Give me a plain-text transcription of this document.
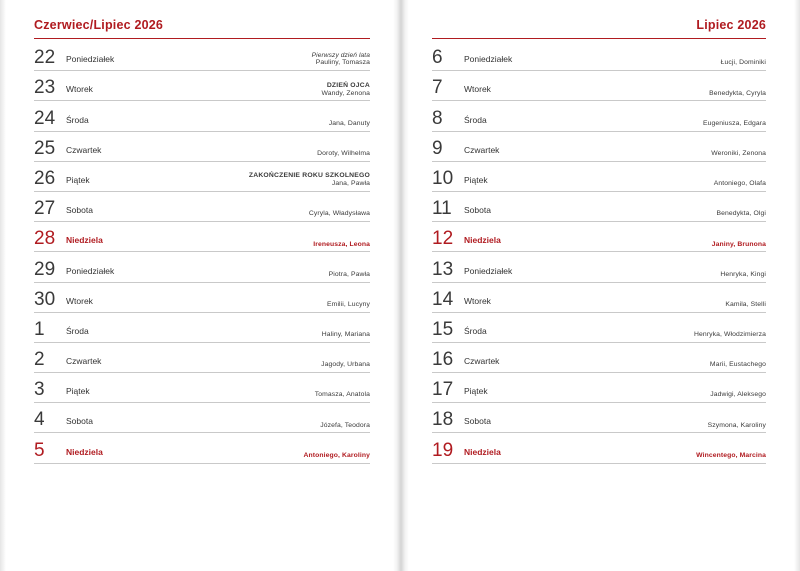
Czerwiec/Lipiec 2026
22	Poniedziałek	Pierwszy dzień lata
Pauliny, Tomasza
23	Wtorek	DZIEŃ OJCA
Wandy, Zenona
24	Środa	Jana, Danuty
25	Czwartek	Doroty, Wilhelma
26	Piątek	ZAKOŃCZENIE ROKU SZKOLNEGO
Jana, Pawła
27	Sobota	Cyryla, Władysława
28	Niedziela	Ireneusza, Leona
29	Poniedziałek	Piotra, Pawła
30	Wtorek	Emilii, Lucyny
1	Środa	Haliny, Mariana
2	Czwartek	Jagody, Urbana
3	Piątek	Tomasza, Anatola
4	Sobota	Józefa, Teodora
5	Niedziela	Antoniego, Karoliny
Lipiec 2026
6	Poniedziałek	Łucji, Dominiki
7	Wtorek	Benedykta, Cyryla
8	Środa	Eugeniusza, Edgara
9	Czwartek	Weroniki, Zenona
10	Piątek	Antoniego, Olafa
11	Sobota	Benedykta, Olgi
12	Niedziela	Janiny, Brunona
13	Poniedziałek	Henryka, Kingi
14	Wtorek	Kamila, Stelli
15	Środa	Henryka, Włodzimierza
16	Czwartek	Marii, Eustachego
17	Piątek	Jadwigi, Aleksego
18	Sobota	Szymona, Karoliny
19	Niedziela	Wincentego, Marcina
